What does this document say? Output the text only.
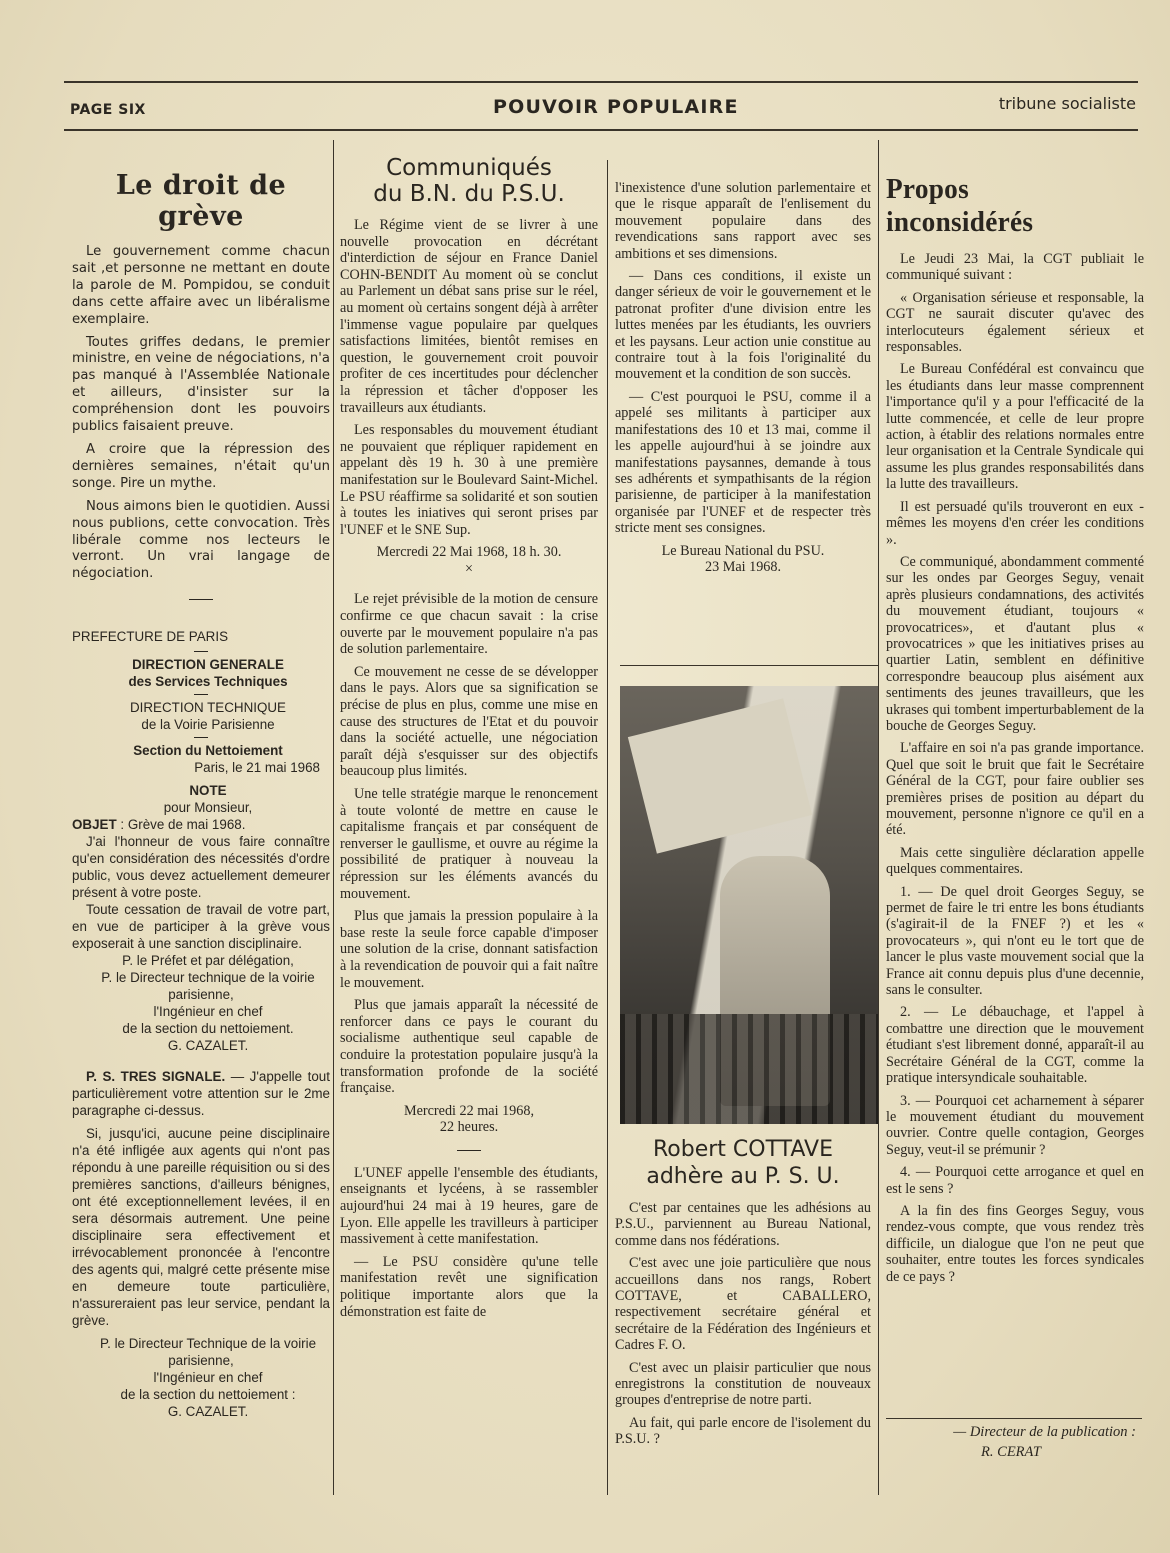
PAGE SIX	POUVOIR POPULAIRE	tribune socialiste
Le droit de grève

Le gouvernement comme chacun sait ,et personne ne mettant en doute la parole de M. Pompidou, se conduit dans cette affaire avec un libéralisme exemplaire.

Toutes griffes dedans, le premier ministre, en veine de négociations, n'a pas manqué à l'Assemblée Nationale et ailleurs, d'insister sur la compréhension dont les pouvoirs publics faisaient preuve.

A croire que la répression des dernières semaines, n'était qu'un songe. Pire un mythe.

Nous aimons bien le quotidien. Aussi nous publions, cette convocation. Très libérale comme nos lecteurs le verront. Un vrai langage de négociation.

PREFECTURE DE PARIS

DIRECTION GENERALE

des Services Techniques

DIRECTION TECHNIQUE

de la Voirie Parisienne

Section du Nettoiement

Paris, le 21 mai 1968

NOTE

pour Monsieur,

OBJET : Grève de mai 1968.

J'ai l'honneur de vous faire connaître qu'en considération des nécessités d'ordre public, vous devez actuellement demeurer présent à votre poste.

Toute cessation de travail de votre part, en vue de participer à la grève vous exposerait à une sanction disciplinaire.

P. le Préfet et par délégation,

P. le Directeur technique de la voirie parisienne,

l'Ingénieur en chef

de la section du nettoiement.

G. CAZALET.

P. S. TRES SIGNALE. — J'appelle tout particulièrement votre attention sur le 2me paragraphe ci-dessus.

Si, jusqu'ici, aucune peine disciplinaire n'a été infligée aux agents qui n'ont pas répondu à une pareille réquisition ou si des premières sanctions, d'ailleurs bénignes, ont été exceptionnellement levées, il en sera désormais autrement. Une peine disciplinaire sera effectivement et irrévocablement prononcée à l'encontre des agents qui, malgré cette présente mise en demeure toute particulière, n'assureraient pas leur service, pendant la grève.

P. le Directeur Technique de la voirie parisienne,

l'Ingénieur en chef

de la section du nettoiement :

G. CAZALET.

Communiqués
du B.N. du P.S.U.

Le Régime vient de se livrer à une nouvelle provocation en décrétant d'interdiction de séjour en France Daniel COHN-BENDIT Au moment où se conclut au Parlement un débat sans prise sur le réel, au moment où certains songent déjà à arrêter l'immense vague populaire par quelques satisfactions limitées, bientôt remises en question, le gouvernement croit pouvoir profiter de ces incertitudes pour déclencher la répression et tâcher d'opposer les travailleurs aux étudiants.

Les responsables du mouvement étudiant ne pouvaient que répliquer rapidement en appelant dès 19 h. 30 à une première manifestation sur le Boulevard Saint-Michel. Le PSU réaffirme sa solidarité et son soutien à toutes les iniatives qui seront prises par l'UNEF et le SNE Sup.

Mercredi 22 Mai 1968, 18 h. 30.

×

Le rejet prévisible de la motion de censure confirme ce que chacun savait : la crise ouverte par le mouvement populaire n'a pas de solution parlementaire.

Ce mouvement ne cesse de se développer dans le pays. Alors que sa signification se précise de plus en plus, comme une mise en cause des structures de l'Etat et du pouvoir dans la société actuelle, une négociation paraît déjà s'esquisser sur des objectifs beaucoup plus limités.

Une telle stratégie marque le renoncement à toute volonté de mettre en cause le capitalisme français et par conséquent de renverser le gaullisme, et ouvre au régime la possibilité de pratiquer à nouveau la répression sur les éléments avancés du mouvement.

Plus que jamais la pression populaire à la base reste la seule force capable d'imposer une solution de la crise, donnant satisfaction à la revendication de pouvoir qui a fait naître le mouvement.

Plus que jamais apparaît la nécessité de renforcer dans ce pays le courant du socialisme authentique seul capable de conduire la protestation populaire jusqu'à la transformation profonde de la société française.

Mercredi 22 mai 1968,

22 heures.

L'UNEF appelle l'ensemble des étudiants, enseignants et lycéens, à se rassembler aujourd'hui 24 mai à 19 heures, gare de Lyon. Elle appelle les travilleurs à participer massivement à cette manifestation.

— Le PSU considère qu'une telle manifestation revêt une signification politique importante alors que la démonstration est faite de

l'inexistence d'une solution parlementaire et que le risque apparaît de l'enlisement du mouvement populaire dans des revendications sans rapport avec ses ambitions et ses dimensions.

— Dans ces conditions, il existe un danger sérieux de voir le gouvernement et le patronat profiter d'une division entre les luttes menées par les étudiants, les ouvriers et les paysans. Leur action unie constitue au contraire tout à la fois l'originalité du mouvement et la condition de son succès.

— C'est pourquoi le PSU, comme il a appelé ses militants à participer aux manifestations des 10 et 13 mai, comme il les appelle aujourd'hui à se joindre aux manifestations paysannes, demande à tous ses adhérents et sympathisants de la région parisienne, de participer à la manifestation organisée par l'UNEF et de respecter très stricte ment ses consignes.

Le Bureau National du PSU.

23 Mai 1968.

Robert COTTAVE
adhère au P. S. U.

C'est par centaines que les adhésions au P.S.U., parviennent au Bureau National, comme dans nos fédérations.

C'est avec une joie particulière que nous accueillons dans nos rangs, Robert COTTAVE, et CABALLERO, respectivement secrétaire général et secrétaire de la Fédération des Ingénieurs et Cadres F. O.

C'est avec un plaisir particulier que nous enregistrons la constitution de nouveaux groupes d'entreprise de notre parti.

Au fait, qui parle encore de l'isolement du P.S.U. ?

Propos inconsidérés

Le Jeudi 23 Mai, la CGT publiait le communiqué suivant :

« Organisation sérieuse et responsable, la CGT ne saurait discuter qu'avec des interlocuteurs également sérieux et responsables.

Le Bureau Confédéral est convaincu que les étudiants dans leur masse comprennent l'importance qu'il y a pour l'efficacité de la lutte commencée, et celle de leur propre action, à établir des relations normales entre leur organisation et la Centrale Syndicale qui assume les plus grandes responsabilités dans la lutte des travailleurs.

Il est persuadé qu'ils trouveront en eux - mêmes les moyens d'en créer les conditions ».

Ce communiqué, abondamment commenté sur les ondes par Georges Seguy, venait après plusieurs condamnations, des activités du mouvement étudiant, toujours « provocatrices», et d'autant plus « provocatrices » que les initiatives prises au quartier Latin, semblent en définitive correspondre beaucoup plus aisément aux sentiments des jeunes travailleurs, que les ukrases qui tombent imperturbablement de la bouche de Georges Seguy.

L'affaire en soi n'a pas grande importance. Quel que soit le bruit que fait le Secrétaire Général de la CGT, pour faire oublier ses premières prises de position au départ du mouvement, personne n'ignore ce qu'il en a été.

Mais cette singulière déclaration appelle quelques commentaires.

1. — De quel droit Georges Seguy, se permet de faire le tri entre les bons étudiants (s'agirait-il de la FNEF ?) et les « provocateurs », qui n'ont eu le tort que de lancer le plus vaste mouvement social que la France ait connu depuis plus d'une decennie, sans le consulter.

2. — Le débauchage, et l'appel à combattre une direction que le mouvement étudiant s'est librement donné, apparaît-il au Secrétaire Général de la CGT, comme la pratique intersyndicale souhaitable.

3. — Pourquoi cet acharnement à séparer le mouvement étudiant du mouvement ouvrier. Contre quelle contagion, Georges Seguy, veut-il se prémunir ?

4. — Pourquoi cette arrogance et quel en est le sens ?

A la fin des fins Georges Seguy, vous rendez-vous compte, que vous rendez très difficile, un dialogue que l'on ne peut que souhaiter, entre toutes les forces syndicales de ce pays ?

— Directeur de la publication :
R. CERAT
